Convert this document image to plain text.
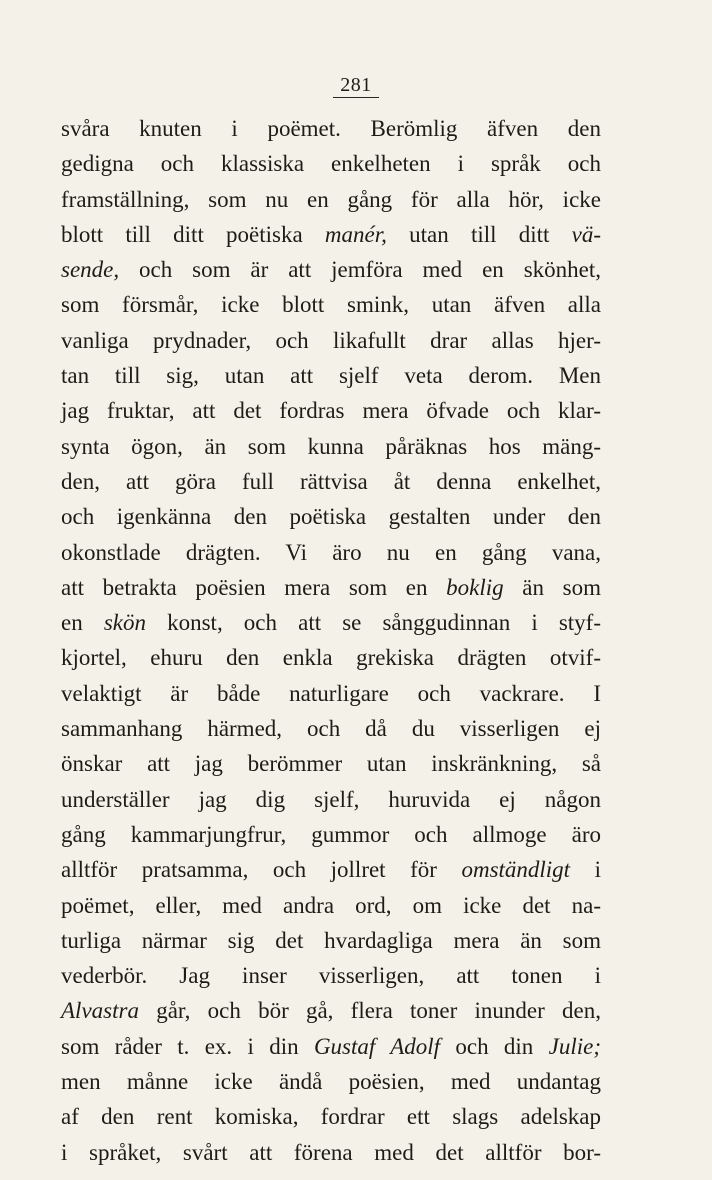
281
svåra knuten i poëmet. Berömlig äfven den
gedigna och klassiska enkelheten i språk och
framställning, som nu en gång för alla hör, icke
blott till ditt poëtiska manér, utan till ditt vä-
sende, och som är att jemföra med en skönhet,
som försmår, icke blott smink, utan äfven alla
vanliga prydnader, och likafullt drar allas hjer-
tan till sig, utan att sjelf veta derom. Men
jag fruktar, att det fordras mera öfvade och klar-
synta ögon, än som kunna påräknas hos mäng-
den, att göra full rättvisa åt denna enkelhet,
och igenkänna den poëtiska gestalten under den
okonstlade drägten. Vi äro nu en gång vana,
att betrakta poësien mera som en boklig än som
en skön konst, och att se sånggudinnan i styf-
kjortel, ehuru den enkla grekiska drägten otvif-
velaktigt är både naturligare och vackrare. I
sammanhang härmed, och då du visserligen ej
önskar att jag berömmer utan inskränkning, så
underställer jag dig sjelf, huruvida ej någon
gång kammarjungfrur, gummor och allmoge äro
alltför pratsamma, och jollret för omständligt i
poëmet, eller, med andra ord, om icke det na-
turliga närmar sig det hvardagliga mera än som
vederbör. Jag inser visserligen, att tonen i
Alvastra går, och bör gå, flera toner inunder den,
som råder t. ex. i din Gustaf Adolf och din Julie;
men månne icke ändå poësien, med undantag
af den rent komiska, fordrar ett slags adelskap
i språket, svårt att förena med det alltför bor-
